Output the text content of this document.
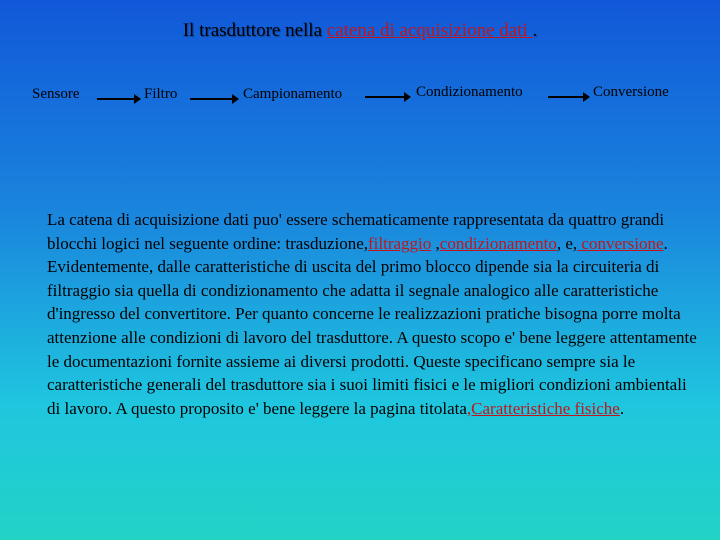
Il trasduttore nella catena di acquisizione dati .
Sensore	Filtro	Campionamento	Condizionamento	Conversione
La catena di acquisizione dati puo' essere schematicamente rappresentata da quattro grandi blocchi logici nel seguente ordine: trasduzione,filtraggio ,condizionamento, e, conversione. Evidentemente, dalle caratteristiche di uscita del primo blocco dipende sia la circuiteria di filtraggio sia quella di condizionamento che adatta il segnale analogico alle caratteristiche d'ingresso del convertitore. Per quanto concerne le realizzazioni pratiche bisogna porre molta attenzione alle condizioni di lavoro del trasduttore. A questo scopo e' bene leggere attentamente le documentazioni fornite assieme ai diversi prodotti. Queste specificano sempre sia le caratteristiche generali del trasduttore sia i suoi limiti fisici e le migliori condizioni ambientali di lavoro. A questo proposito e' bene leggere la pagina titolata,Caratteristiche fisiche.
